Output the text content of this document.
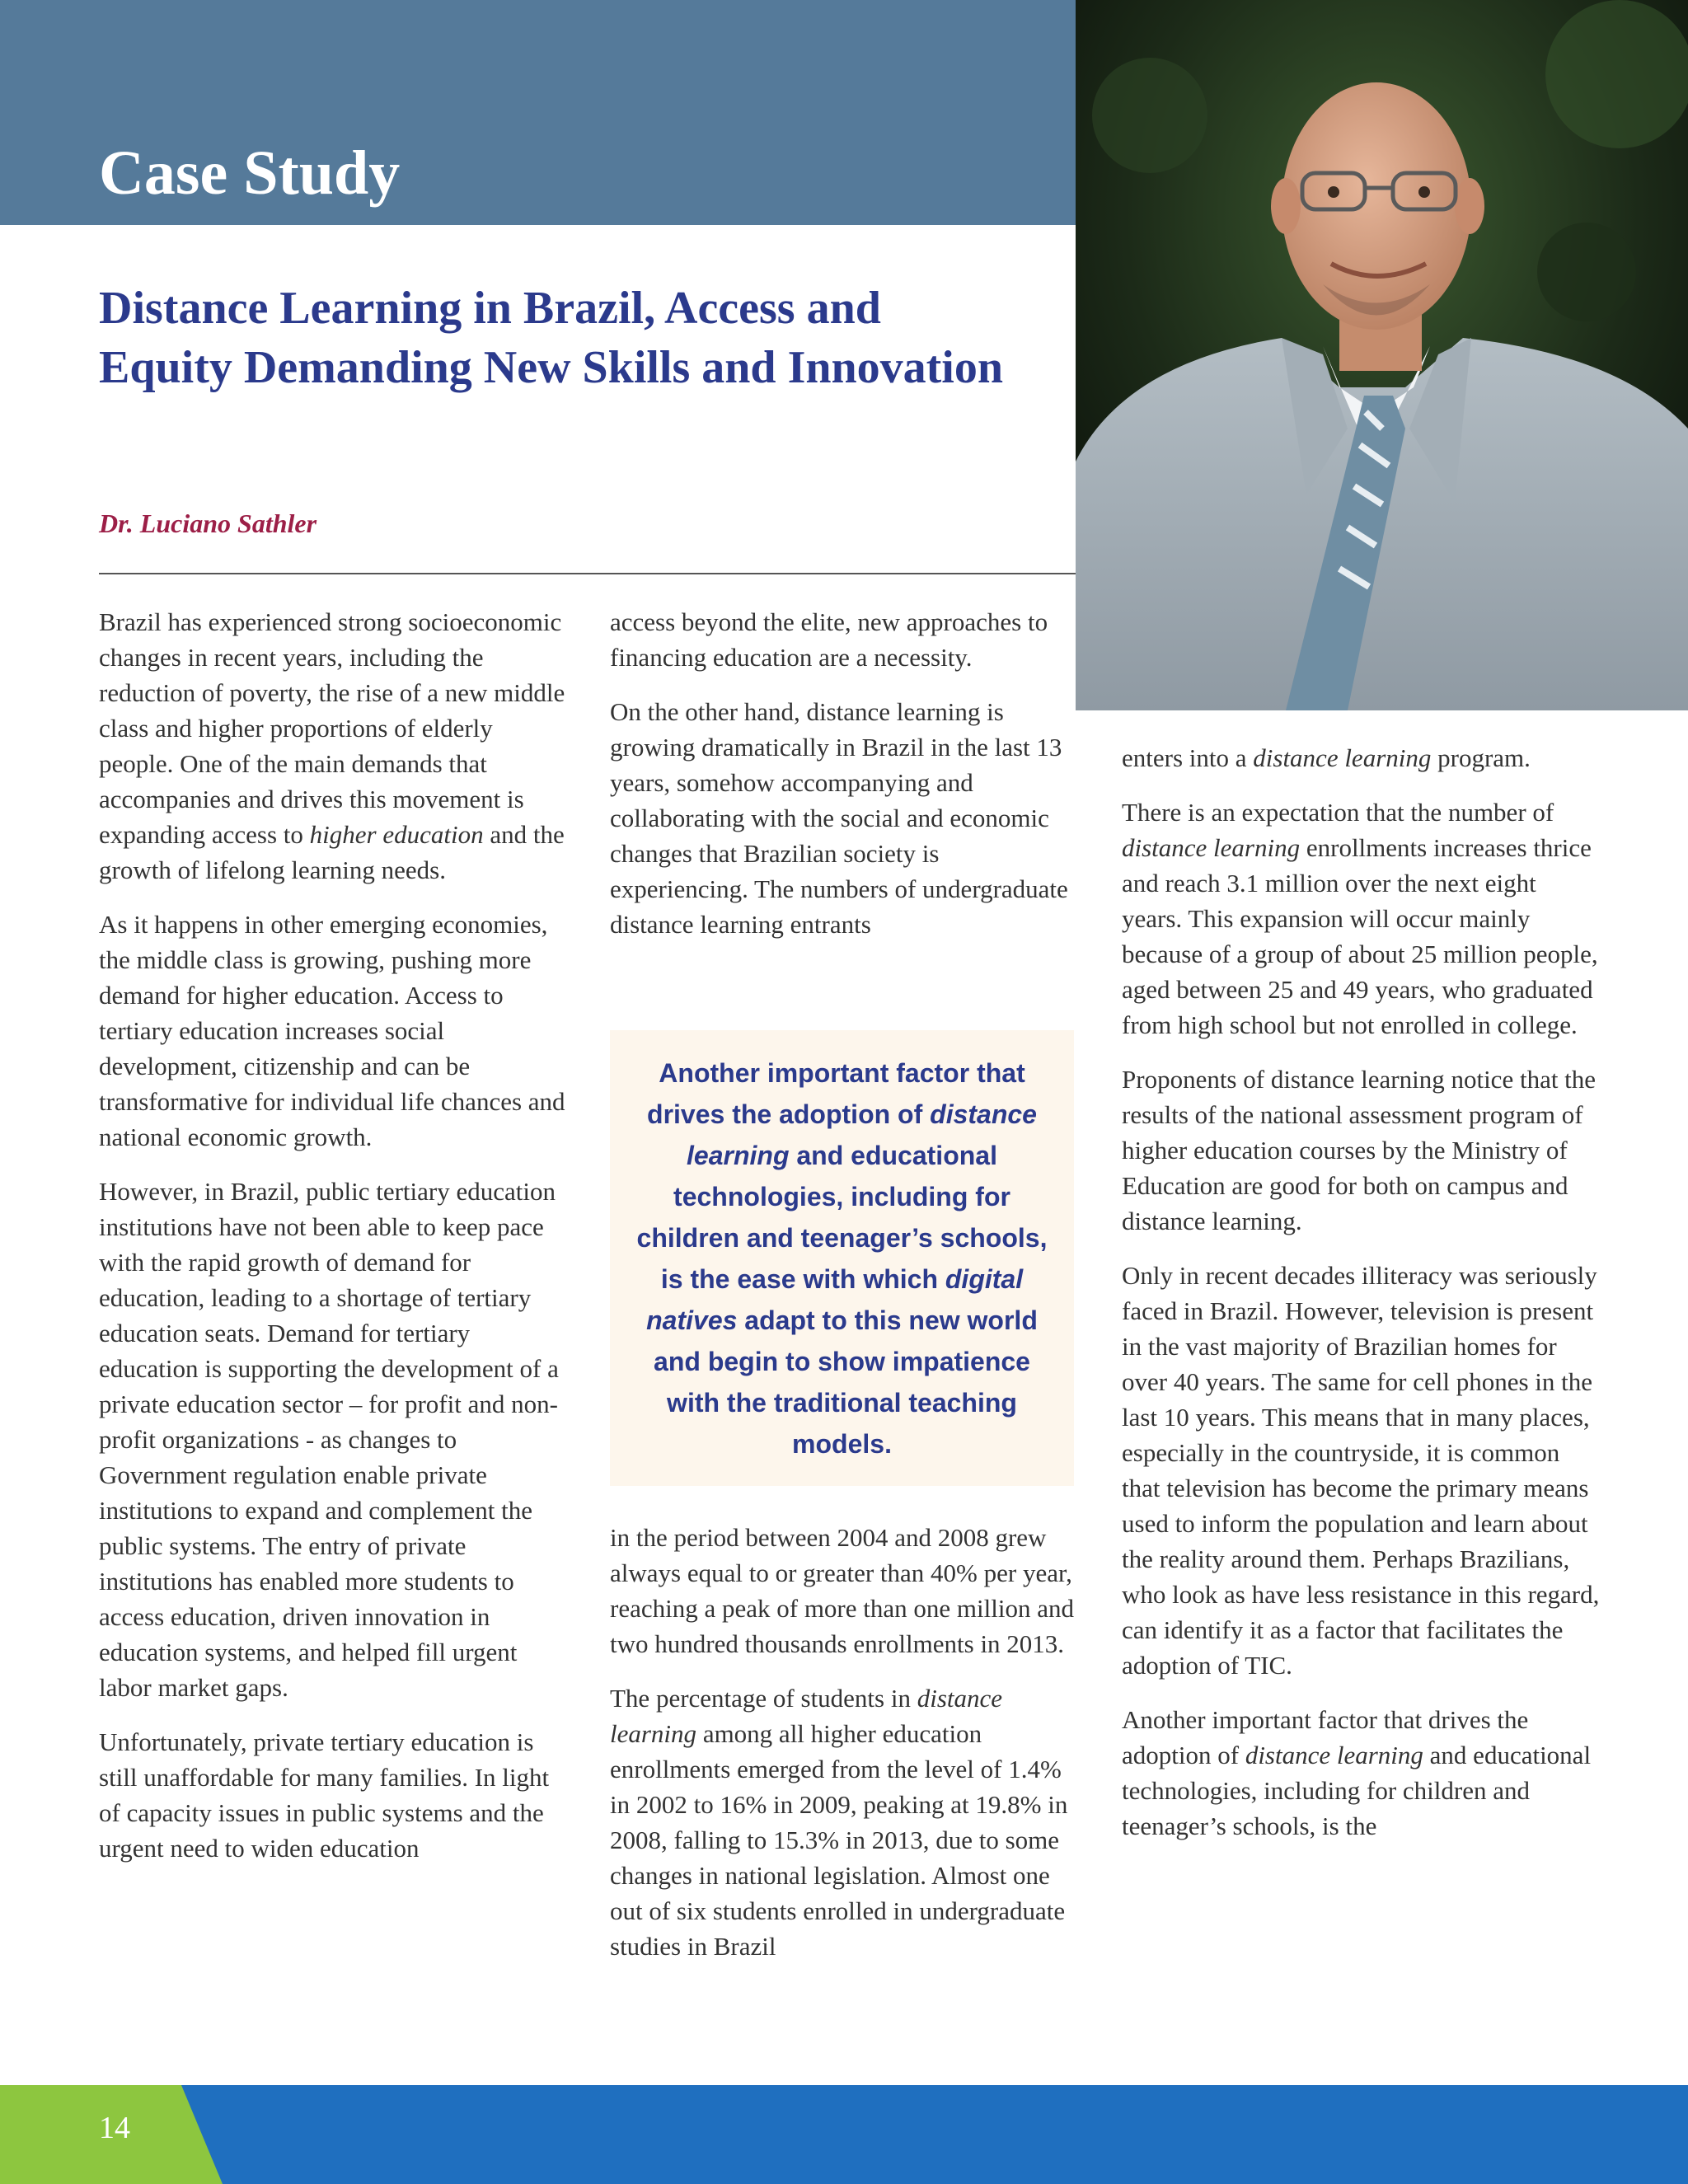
Case Study
Distance Learning in Brazil, Access and Equity Demanding New Skills and Innovation

Dr. Luciano Sathler

Brazil has experienced strong socioeconomic changes in recent years, including the reduction of poverty, the rise of a new middle class and higher proportions of elderly people. One of the main demands that accompanies and drives this movement is expanding access to higher education and the growth of lifelong learning needs.

As it happens in other emerging economies, the middle class is growing, pushing more demand for higher education. Access to tertiary education increases social development, citizenship and can be transformative for individual life chances and national economic growth.

However, in Brazil, public tertiary education institutions have not been able to keep pace with the rapid growth of demand for education, leading to a shortage of tertiary education seats. Demand for tertiary education is supporting the development of a private education sector – for profit and non-profit organizations - as changes to Government regulation enable private institutions to expand and complement the public systems. The entry of private institutions has enabled more students to access education, driven innovation in education systems, and helped fill urgent labor market gaps.

Unfortunately, private tertiary education is still unaffordable for many families. In light of capacity issues in public systems and the urgent need to widen education

access beyond the elite, new approaches to financing education are a necessity.

On the other hand, distance learning is growing dramatically in Brazil in the last 13 years, somehow accompanying and collaborating with the social and economic changes that Brazilian society is experiencing. The numbers of undergraduate distance learning entrants

Another important factor that drives the adoption of distance learning and educational technologies, including for children and teenager’s schools, is the ease with which digital natives adapt to this new world and begin to show impatience with the traditional teaching models.

in the period between 2004 and 2008 grew always equal to or greater than 40% per year, reaching a peak of more than one million and two hundred thousands enrollments in 2013.

The percentage of students in distance learning among all higher education enrollments emerged from the level of 1.4% in 2002 to 16% in 2009, peaking at 19.8% in 2008, falling to 15.3% in 2013, due to some changes in national legislation. Almost one out of six students enrolled in undergraduate studies in Brazil

enters into a distance learning program.

There is an expectation that the number of distance learning enrollments increases thrice and reach 3.1 million over the next eight years. This expansion will occur mainly because of a group of about 25 million people, aged between 25 and 49 years, who graduated from high school but not enrolled in college.

Proponents of distance learning notice that the results of the national assessment program of higher education courses by the Ministry of Education are good for both on campus and distance learning.

Only in recent decades illiteracy was seriously faced in Brazil. However, television is present in the vast majority of Brazilian homes for over 40 years. The same for cell phones in the last 10 years. This means that in many places, especially in the countryside, it is common that television has become the primary means used to inform the population and learn about the reality around them. Perhaps Brazilians, who look as have less resistance in this regard, can identify it as a factor that facilitates the adoption of TIC.

Another important factor that drives the adoption of distance learning and educational technologies, including for children and teenager’s schools, is the

14
